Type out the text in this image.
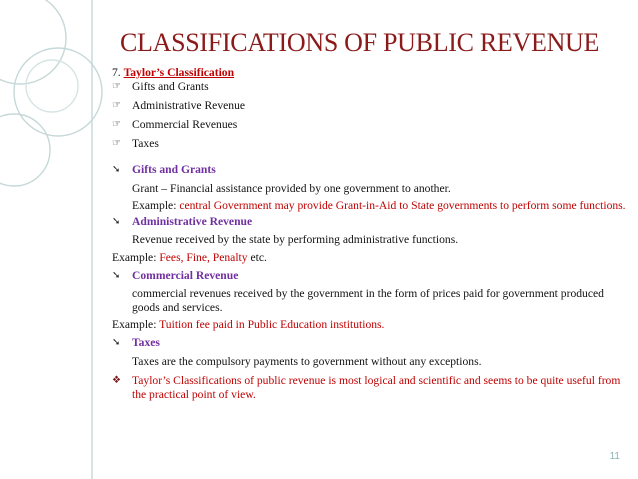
CLASSIFICATIONS OF PUBLIC REVENUE
7. Taylor’s Classification
☞ Gifts and Grants
☞ Administrative Revenue
☞ Commercial Revenues
☞ Taxes
➘	Gifts and Grants
Grant – Financial assistance provided by one government to another.
Example: central Government may provide Grant-in-Aid to State governments to perform some functions.
➘	Administrative Revenue
Revenue received by the state by performing administrative functions.
Example: Fees, Fine, Penalty etc.
➘	Commercial Revenue
commercial revenues received by the government in the form of prices paid for government produced goods and services.
Example: Tuition fee paid in Public Education institutions.
➘	Taxes
Taxes are the compulsory payments to government without any exceptions.
❖ Taylor’s Classifications of public revenue is most logical and scientific and seems to be quite useful from the practical point of view.
11
